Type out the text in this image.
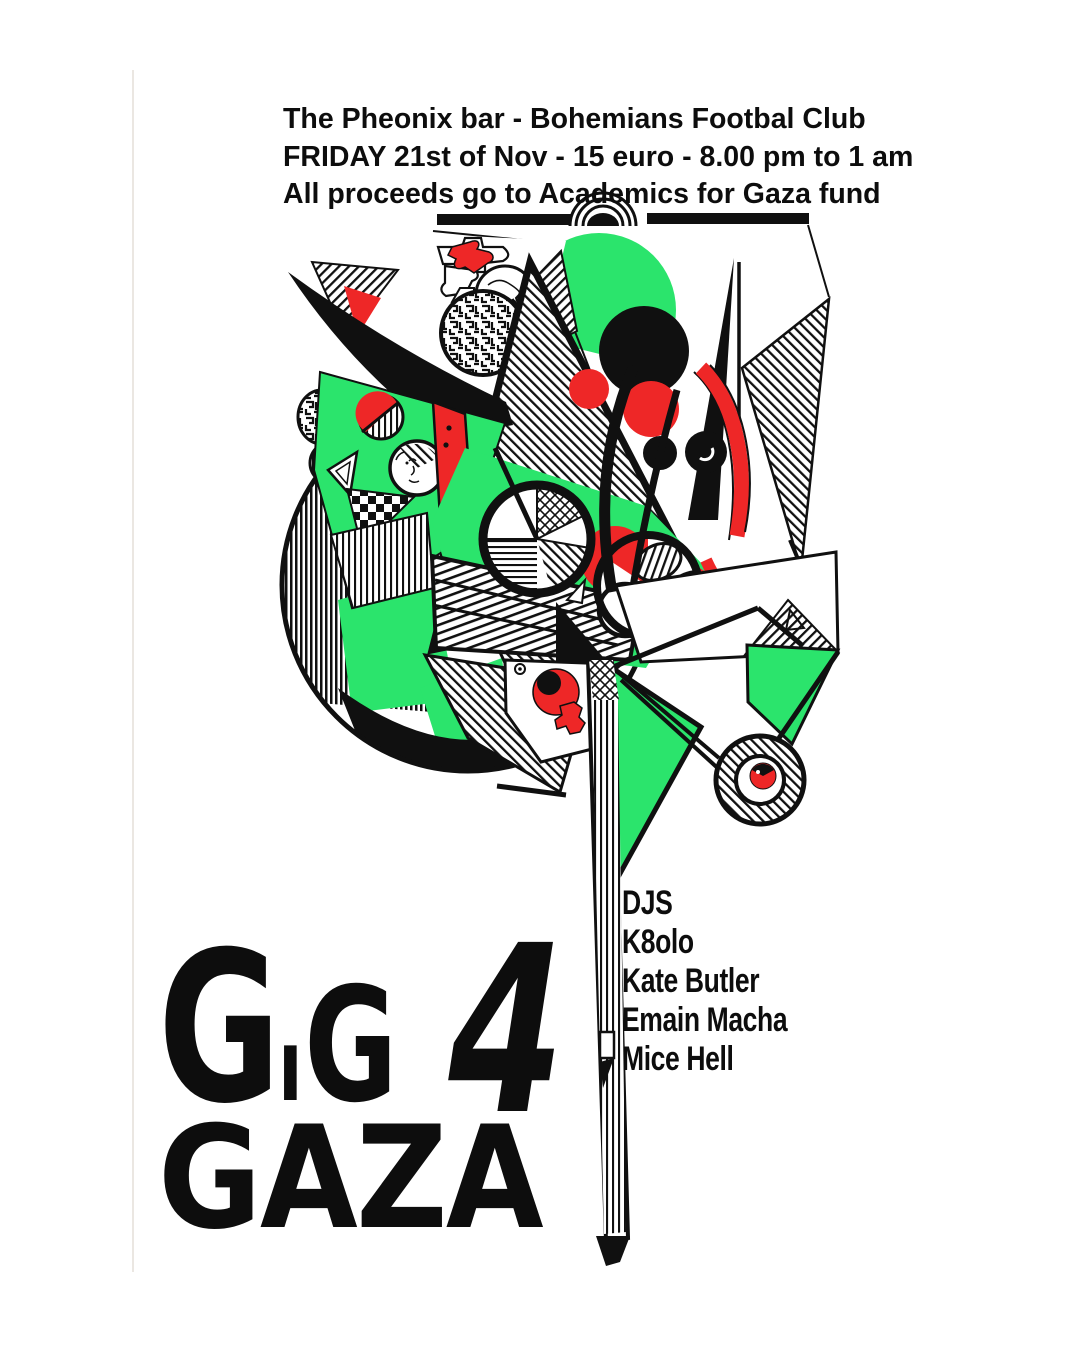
The Pheonix bar - Bohemians Footbal Club
FRIDAY 21st of Nov - 15 euro - 8.00 pm to 1 am
All proceeds go to Academics for Gaza fund
DJS
K8olo
Kate Butler
Emain Macha
Mice Hell
G
ı G 4
GAZA
